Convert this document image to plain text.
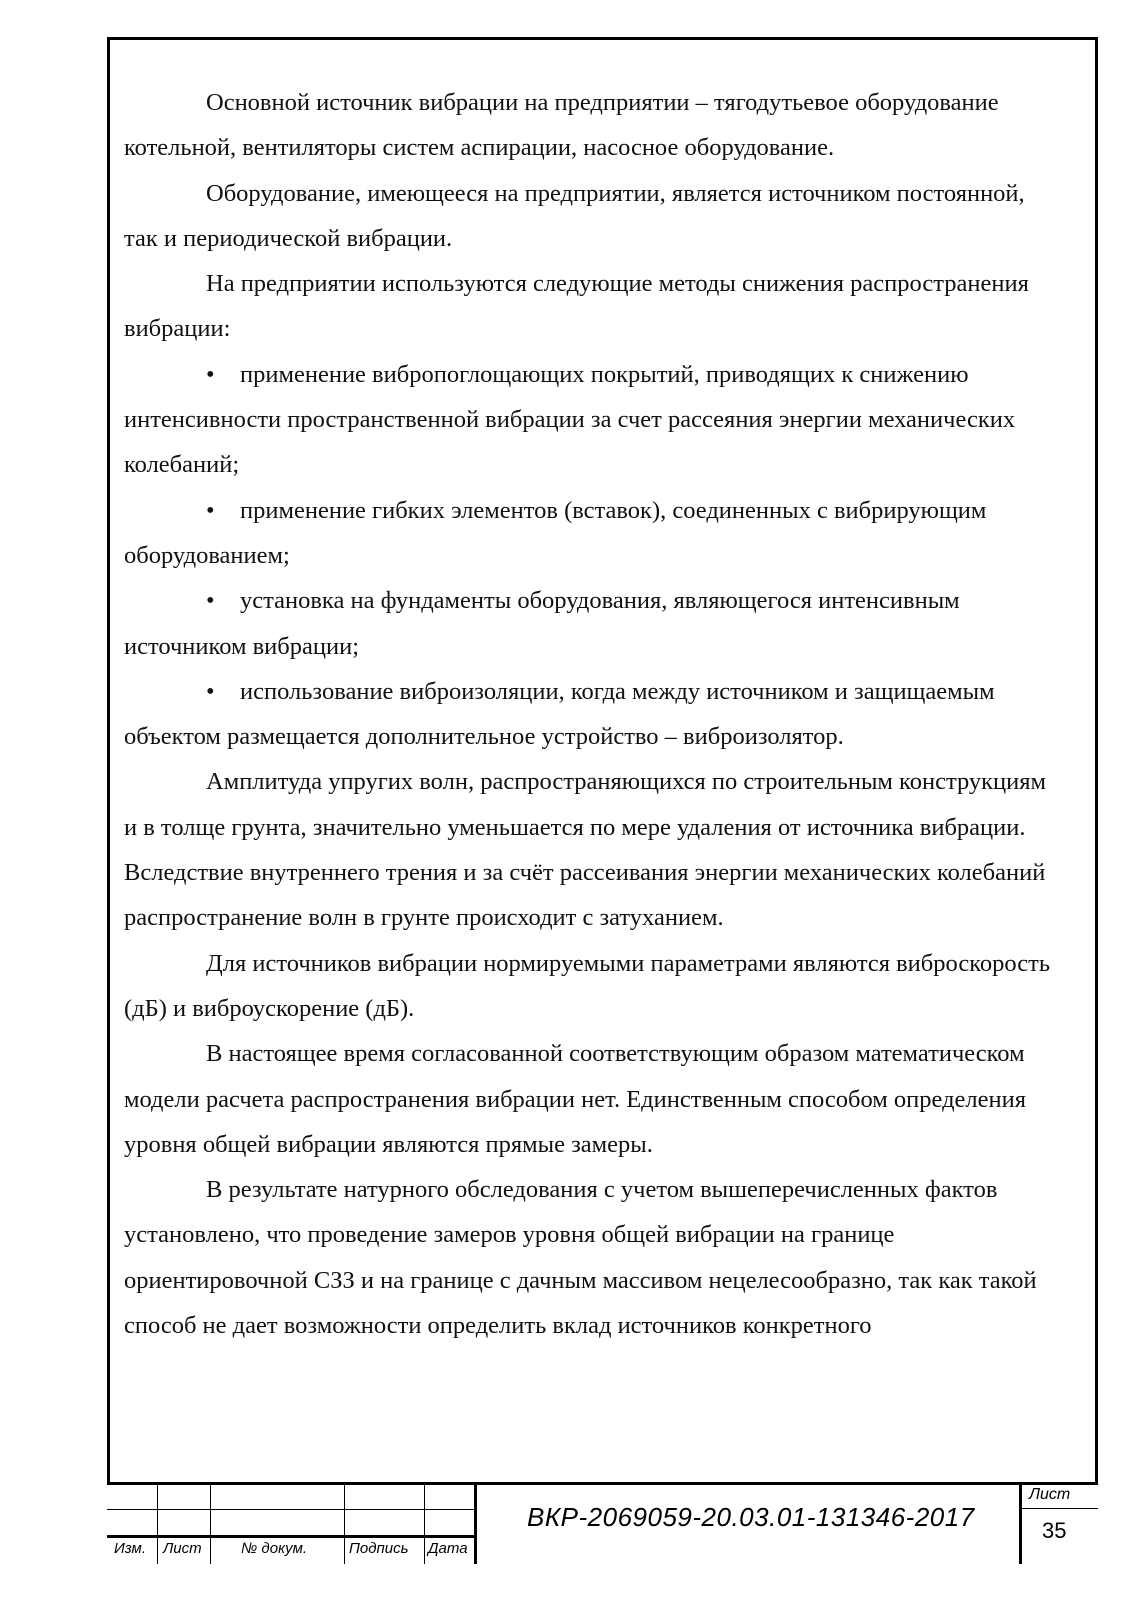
Основной источник вибрации на предприятии – тягодутьевое оборудование котельной, вентиляторы систем аспирации, насосное оборудование.

Оборудование, имеющееся на предприятии, является источником постоянной, так и периодической вибрации.

На предприятии используются следующие методы снижения распространения вибрации:

• применение вибропоглощающих покрытий, приводящих к снижению интенсивности пространственной вибрации за счет рассеяния энергии механических колебаний;

• применение гибких элементов (вставок), соединенных с вибрирующим оборудованием;

• установка на фундаменты оборудования, являющегося интенсивным источником вибрации;

• использование виброизоляции, когда между источником и защищаемым объектом размещается дополнительное устройство – виброизолятор.

Амплитуда упругих волн, распространяющихся по строительным конструкциям и в толще грунта, значительно уменьшается по мере удаления от источника вибрации. Вследствие внутреннего трения и за счёт рассеивания энергии механических колебаний распространение волн в грунте происходит с затуханием.

Для источников вибрации нормируемыми параметрами являются виброскорость (дБ) и виброускорение (дБ).

В настоящее время согласованной соответствующим образом математическом модели расчета распространения вибрации нет. Единственным способом определения уровня общей вибрации являются прямые замеры.

В результате натурного обследования с учетом вышеперечисленных фактов установлено, что проведение замеров уровня общей вибрации на границе ориентировочной СЗЗ и на границе с дачным массивом нецелесообразно, так как такой способ не дает возможности определить вклад источников конкретного

Изм. Лист	№ докум.	Подпись Дата
ВКР-2069059-20.03.01-131346-2017
Лист
35
